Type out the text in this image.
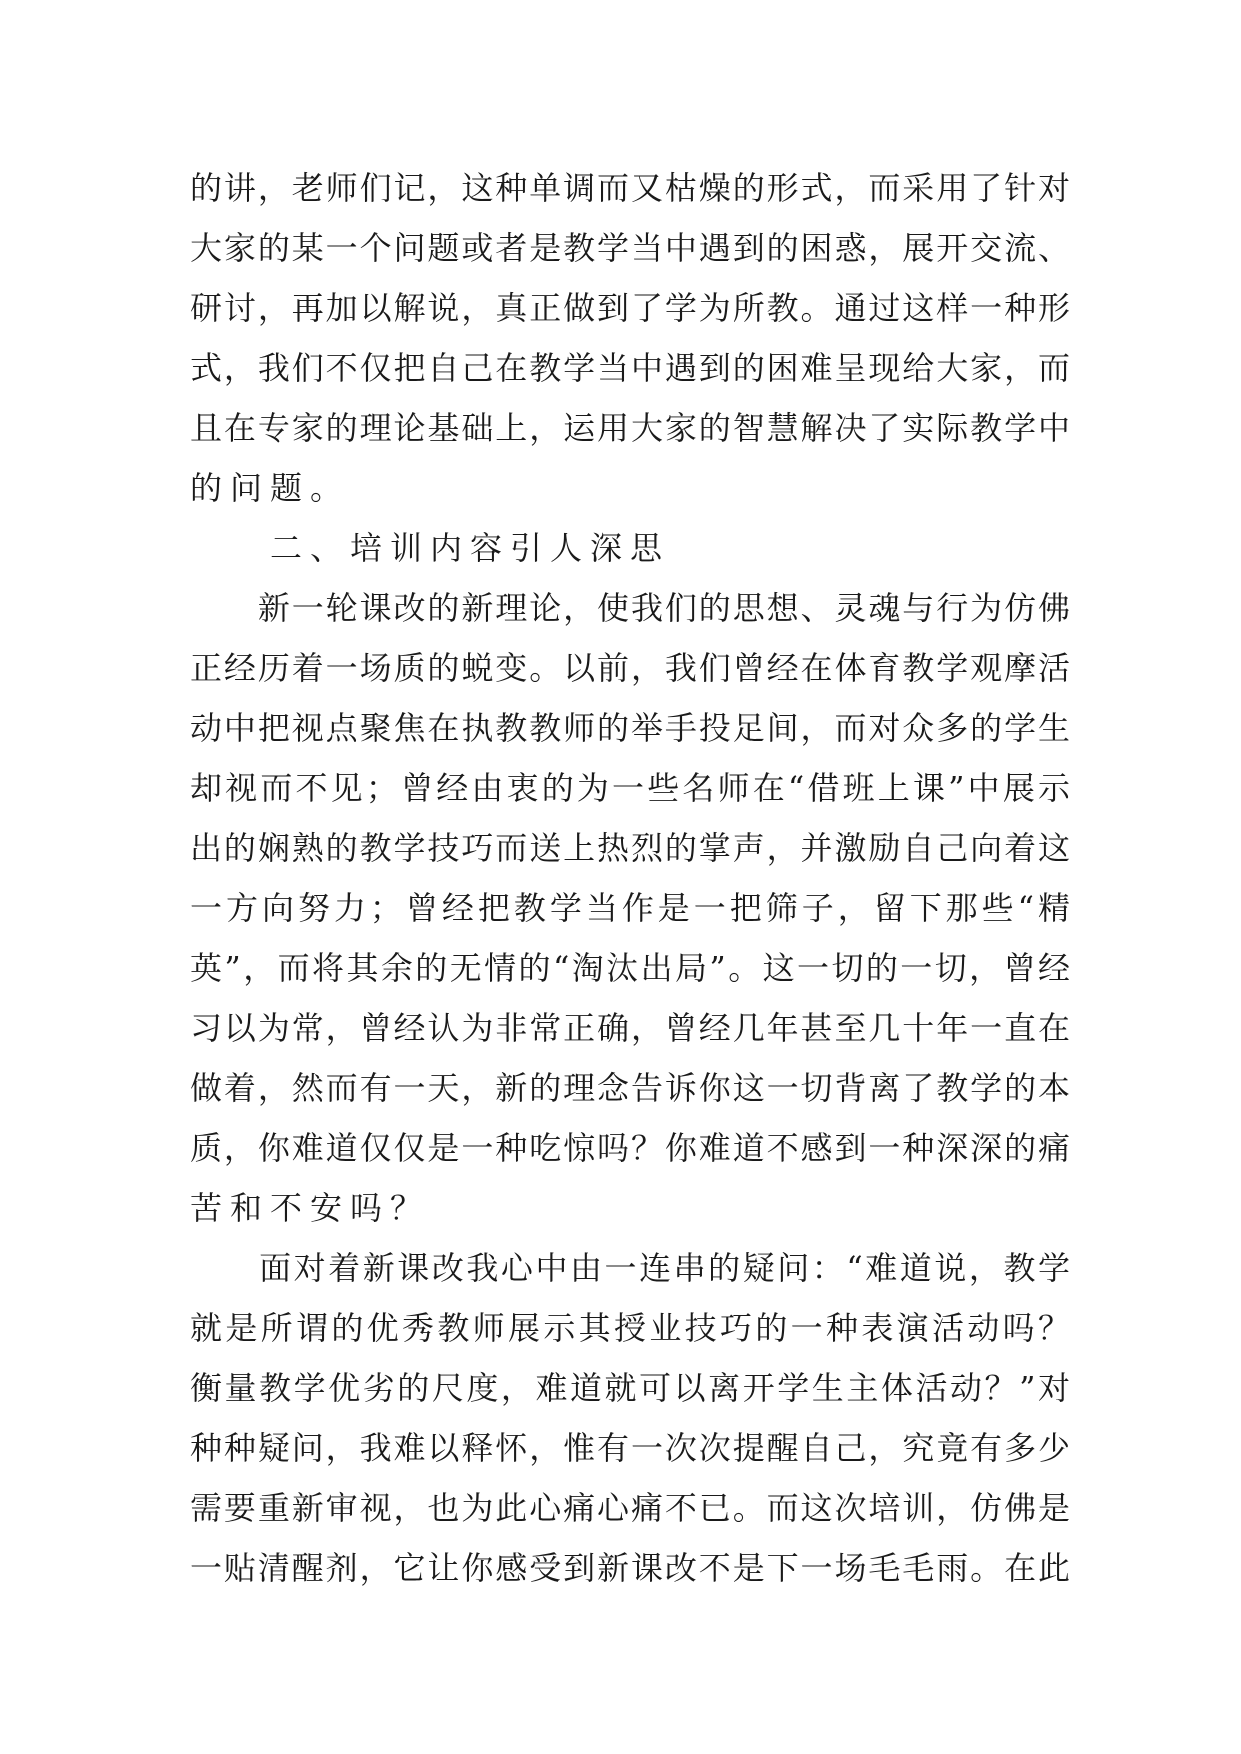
的讲，老师们记，这种单调而又枯燥的形式，而采用了针对
大家的某一个问题或者是教学当中遇到的困惑，展开交流、
研讨，再加以解说，真正做到了学为所教。通过这样一种形
式，我们不仅把自己在教学当中遇到的困难呈现给大家，而
且在专家的理论基础上，运用大家的智慧解决了实际教学中
的问题。
　　二、培训内容引人深思
　　新一轮课改的新理论，使我们的思想、灵魂与行为仿佛
正经历着一场质的蜕变。以前，我们曾经在体育教学观摩活
动中把视点聚焦在执教教师的举手投足间，而对众多的学生
却视而不见；曾经由衷的为一些名师在“借班上课”中展示
出的娴熟的教学技巧而送上热烈的掌声，并激励自己向着这
一方向努力；曾经把教学当作是一把筛子，留下那些“精
英”，而将其余的无情的“淘汰出局”。这一切的一切，曾经
习以为常，曾经认为非常正确，曾经几年甚至几十年一直在
做着，然而有一天，新的理念告诉你这一切背离了教学的本
质，你难道仅仅是一种吃惊吗？你难道不感到一种深深的痛
苦和不安吗？
　　面对着新课改我心中由一连串的疑问：“难道说，教学
就是所谓的优秀教师展示其授业技巧的一种表演活动吗？
衡量教学优劣的尺度，难道就可以离开学生主体活动？”对
种种疑问，我难以释怀，惟有一次次提醒自己，究竟有多少
需要重新审视，也为此心痛心痛不已。而这次培训，仿佛是
一贴清醒剂，它让你感受到新课改不是下一场毛毛雨。在此
